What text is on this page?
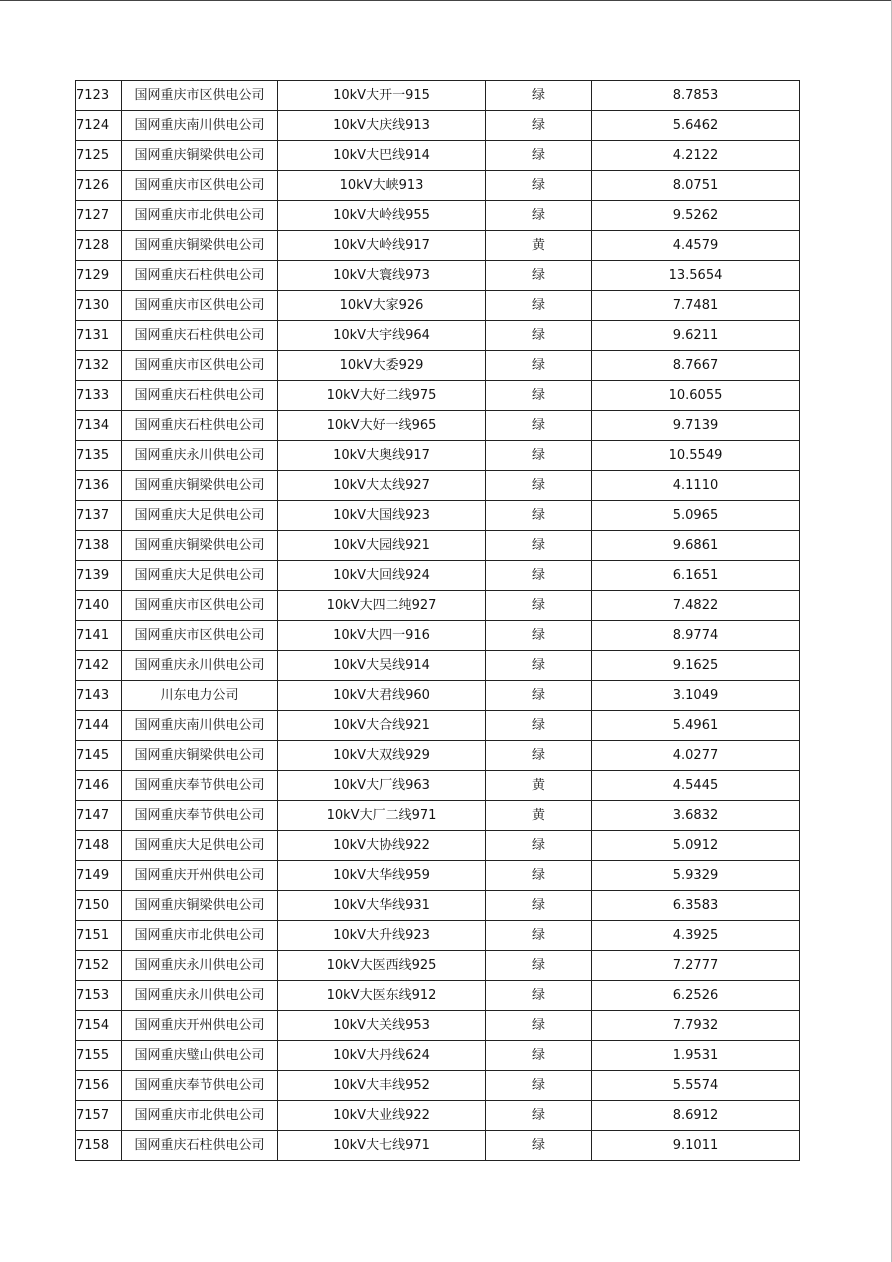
7123	国网重庆市区供电公司	10kV大开一915	绿	8.7853
7124	国网重庆南川供电公司	10kV大庆线913	绿	5.6462
7125	国网重庆铜梁供电公司	10kV大巴线914	绿	4.2122
7126	国网重庆市区供电公司	10kV大峡913	绿	8.0751
7127	国网重庆市北供电公司	10kV大岭线955	绿	9.5262
7128	国网重庆铜梁供电公司	10kV大岭线917	黄	4.4579
7129	国网重庆石柱供电公司	10kV大寰线973	绿	13.5654
7130	国网重庆市区供电公司	10kV大家926	绿	7.7481
7131	国网重庆石柱供电公司	10kV大宇线964	绿	9.6211
7132	国网重庆市区供电公司	10kV大委929	绿	8.7667
7133	国网重庆石柱供电公司	10kV大好二线975	绿	10.6055
7134	国网重庆石柱供电公司	10kV大好一线965	绿	9.7139
7135	国网重庆永川供电公司	10kV大奥线917	绿	10.5549
7136	国网重庆铜梁供电公司	10kV大太线927	绿	4.1110
7137	国网重庆大足供电公司	10kV大国线923	绿	5.0965
7138	国网重庆铜梁供电公司	10kV大园线921	绿	9.6861
7139	国网重庆大足供电公司	10kV大回线924	绿	6.1651
7140	国网重庆市区供电公司	10kV大四二纯927	绿	7.4822
7141	国网重庆市区供电公司	10kV大四一916	绿	8.9774
7142	国网重庆永川供电公司	10kV大吴线914	绿	9.1625
7143	川东电力公司	10kV大君线960	绿	3.1049
7144	国网重庆南川供电公司	10kV大合线921	绿	5.4961
7145	国网重庆铜梁供电公司	10kV大双线929	绿	4.0277
7146	国网重庆奉节供电公司	10kV大厂线963	黄	4.5445
7147	国网重庆奉节供电公司	10kV大厂二线971	黄	3.6832
7148	国网重庆大足供电公司	10kV大协线922	绿	5.0912
7149	国网重庆开州供电公司	10kV大华线959	绿	5.9329
7150	国网重庆铜梁供电公司	10kV大华线931	绿	6.3583
7151	国网重庆市北供电公司	10kV大升线923	绿	4.3925
7152	国网重庆永川供电公司	10kV大医西线925	绿	7.2777
7153	国网重庆永川供电公司	10kV大医东线912	绿	6.2526
7154	国网重庆开州供电公司	10kV大关线953	绿	7.7932
7155	国网重庆璧山供电公司	10kV大丹线624	绿	1.9531
7156	国网重庆奉节供电公司	10kV大丰线952	绿	5.5574
7157	国网重庆市北供电公司	10kV大业线922	绿	8.6912
7158	国网重庆石柱供电公司	10kV大七线971	绿	9.1011
